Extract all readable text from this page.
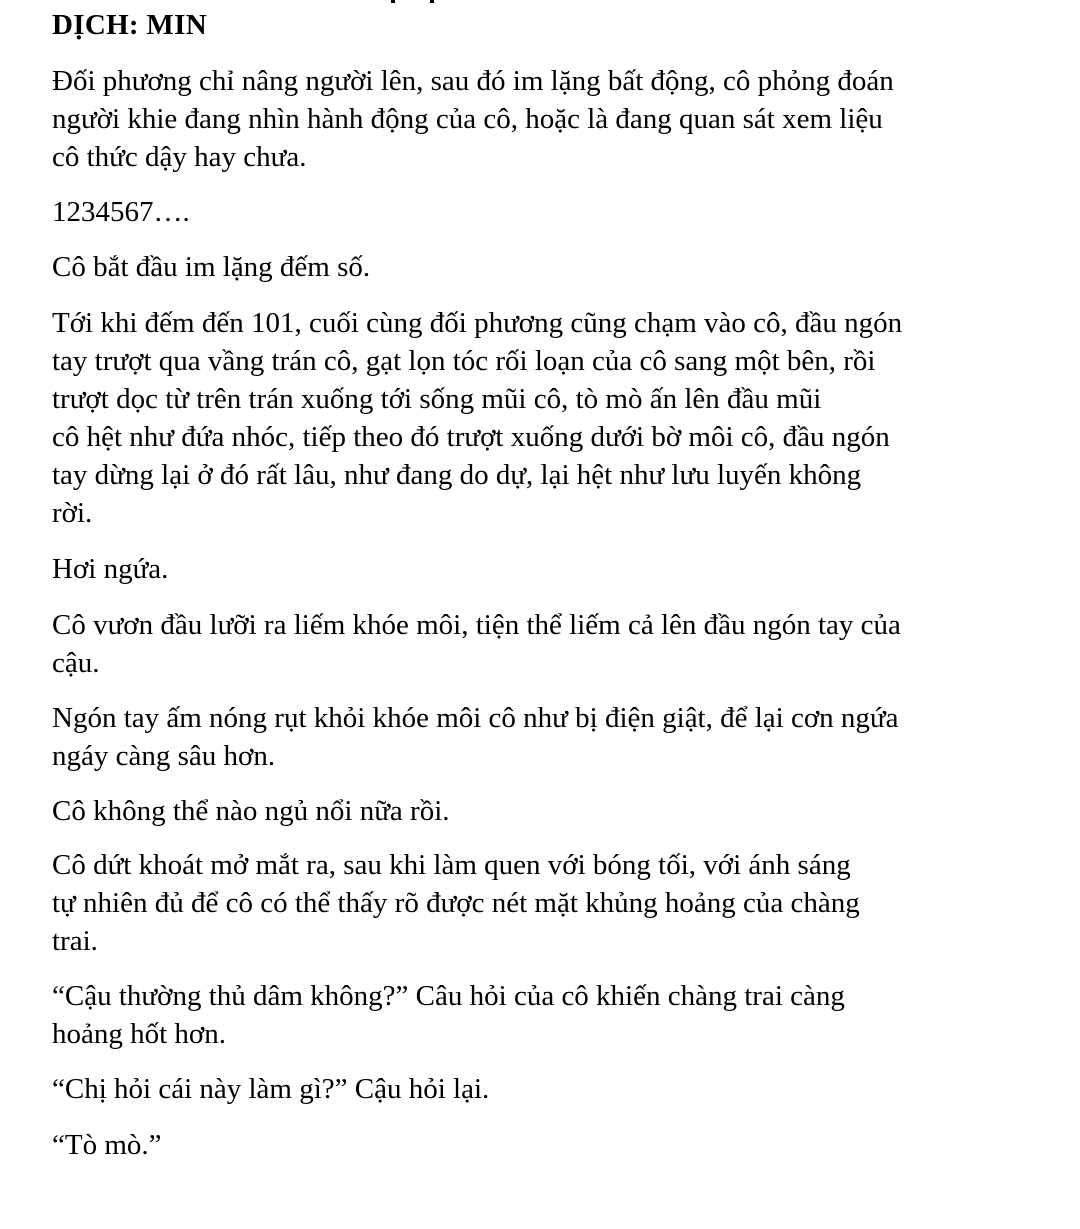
DỊCH: MIN
Đối phương chỉ nâng người lên, sau đó im lặng bất động, cô phỏng đoán
người khie đang nhìn hành động của cô, hoặc là đang quan sát xem liệu
cô thức dậy hay chưa.
1234567….
Cô bắt đầu im lặng đếm số.
Tới khi đếm đến 101, cuối cùng đối phương cũng chạm vào cô, đầu ngón
tay trượt qua vầng trán cô, gạt lọn tóc rối loạn của cô sang một bên, rồi
trượt dọc từ trên trán xuống tới sống mũi cô, tò mò ấn lên đầu mũi
cô hệt như đứa nhóc, tiếp theo đó trượt xuống dưới bờ môi cô, đầu ngón
tay dừng lại ở đó rất lâu, như đang do dự, lại hệt như lưu luyến không
rời.
Hơi ngứa.
Cô vươn đầu lưỡi ra liếm khóe môi, tiện thể liếm cả lên đầu ngón tay của
cậu.
Ngón tay ấm nóng rụt khỏi khóe môi cô như bị điện giật, để lại cơn ngứa
ngáy càng sâu hơn.
Cô không thể nào ngủ nổi nữa rồi.
Cô dứt khoát mở mắt ra, sau khi làm quen với bóng tối, với ánh sáng
tự nhiên đủ để cô có thể thấy rõ được nét mặt khủng hoảng của chàng
trai.
“Cậu thường thủ dâm không?” Câu hỏi của cô khiến chàng trai càng
hoảng hốt hơn.
“Chị hỏi cái này làm gì?” Cậu hỏi lại.
“Tò mò.”
